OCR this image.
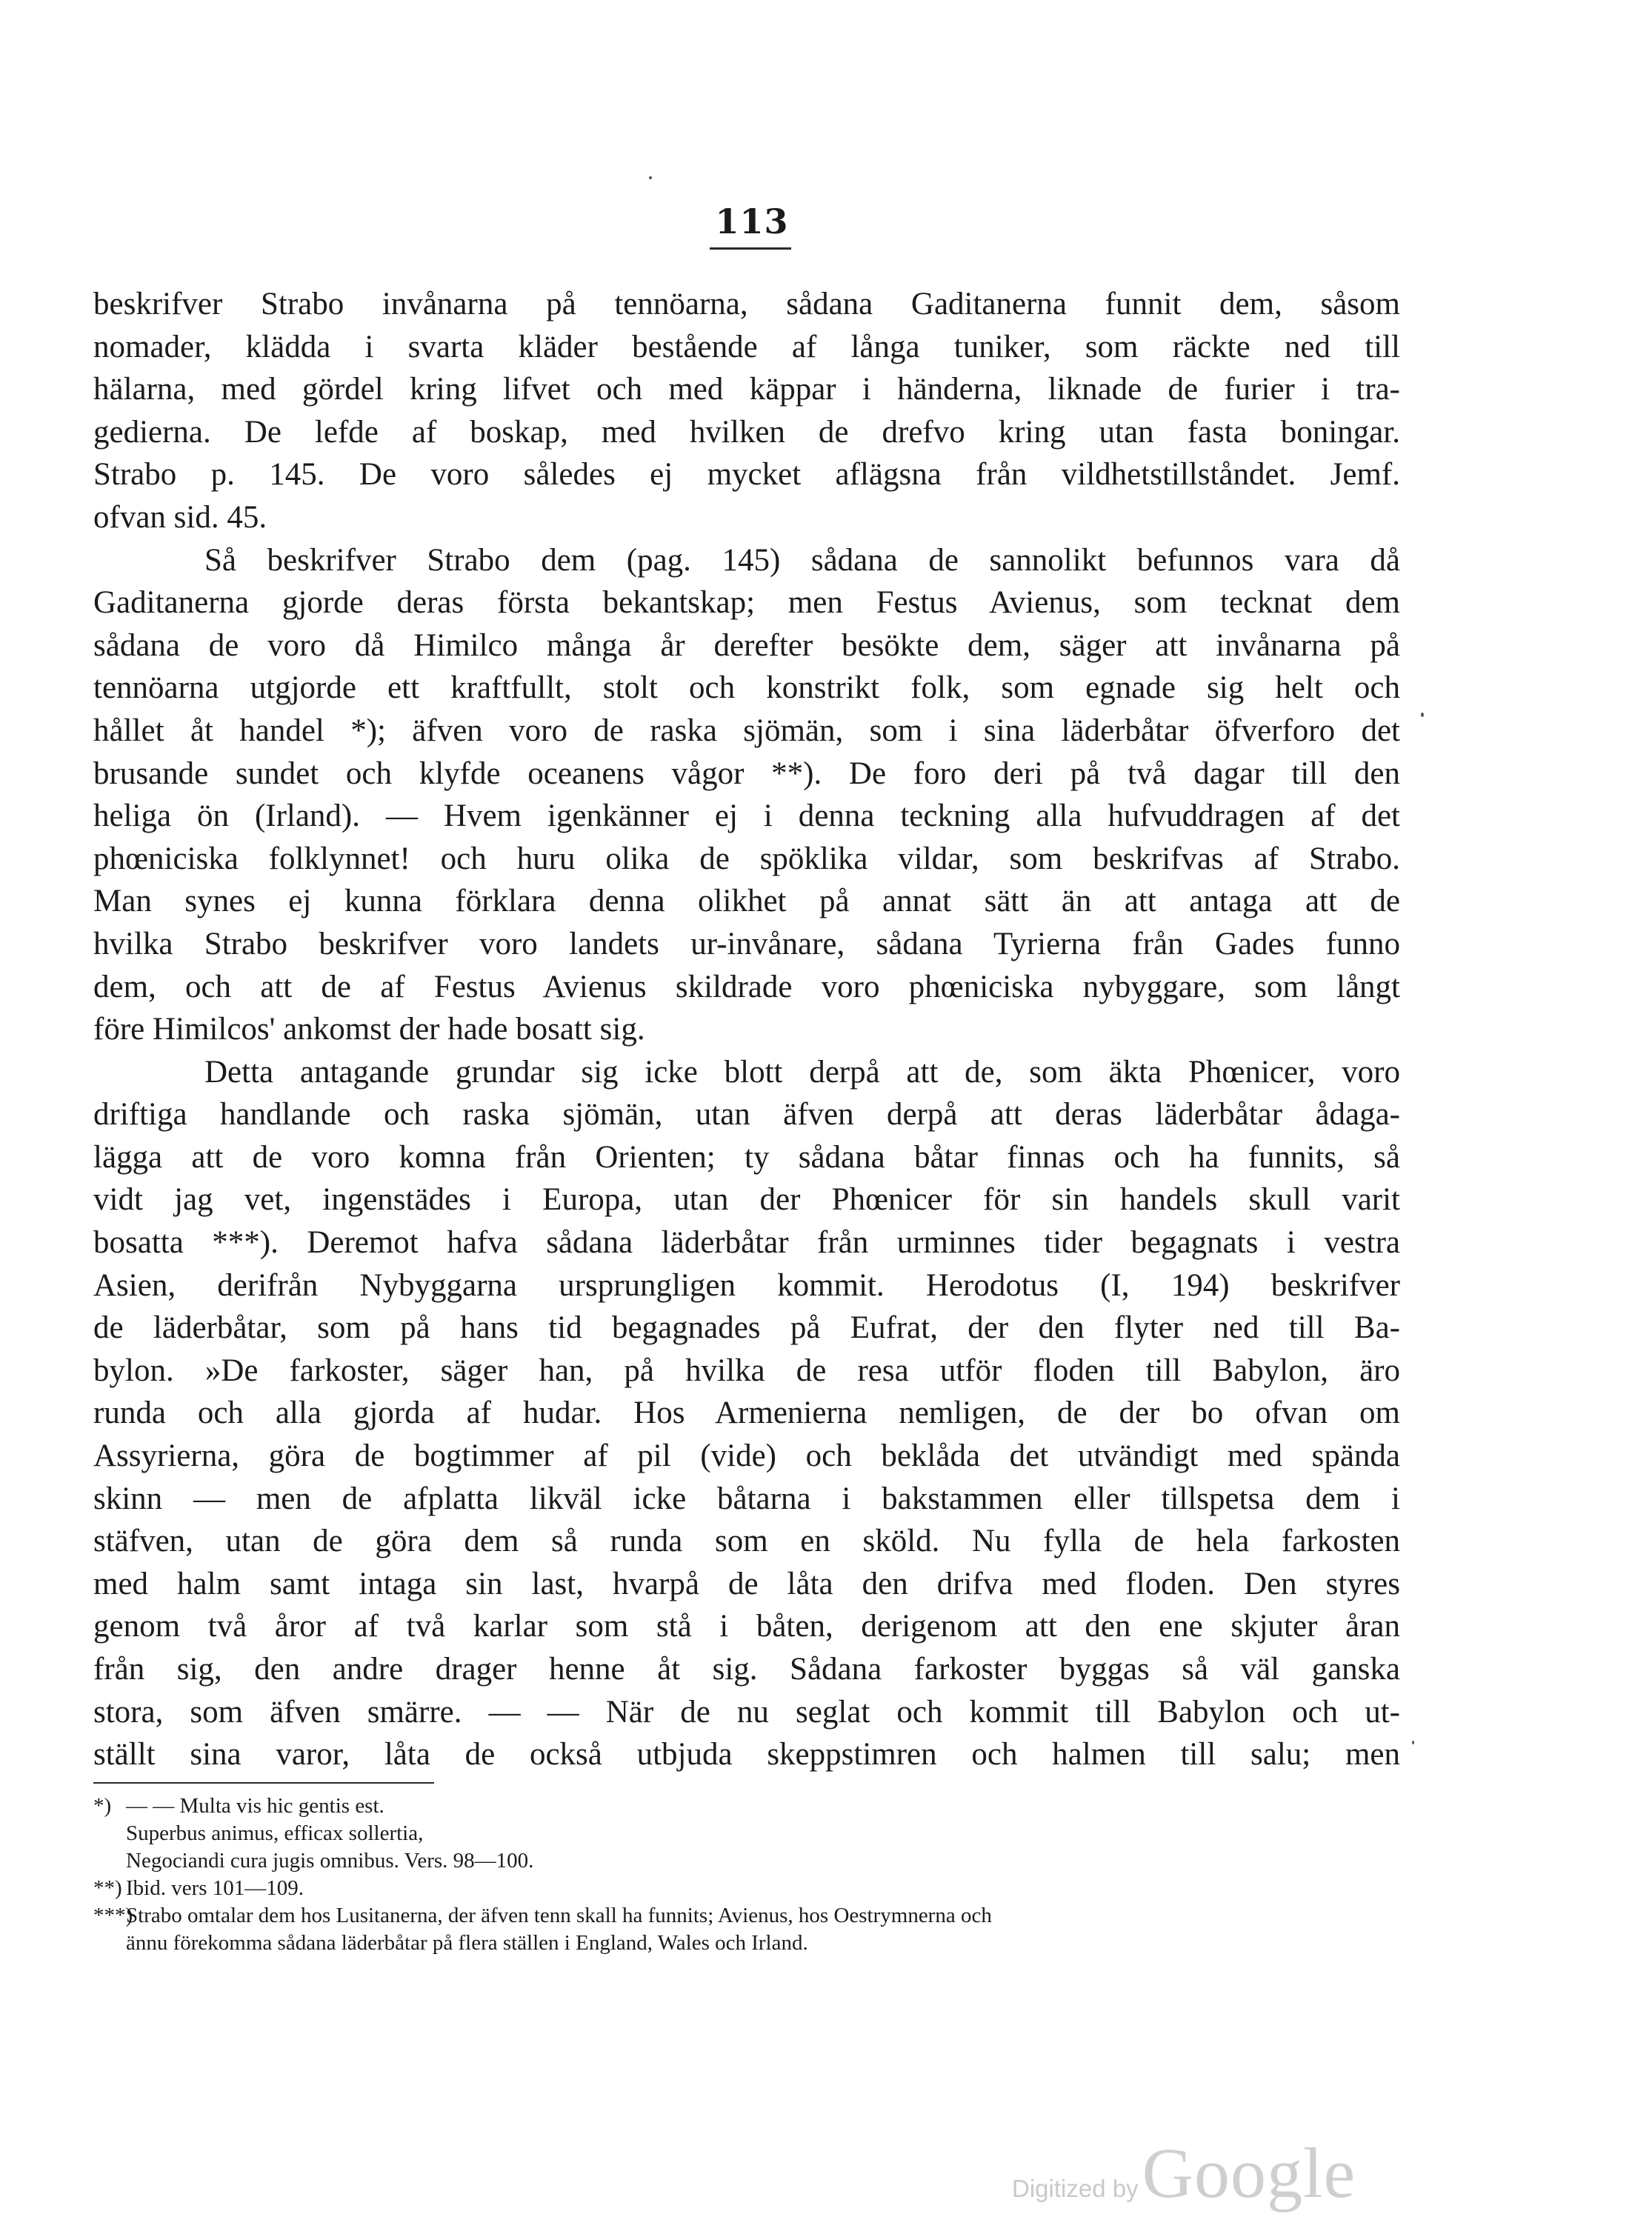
113
beskrifver Strabo invånarna på tennöarna, sådana Gaditanerna funnit dem, såsom
nomader, klädda i svarta kläder bestående af långa tuniker, som räckte ned till
hälarna, med gördel kring lifvet och med käppar i händerna, liknade de furier i tra-
gedierna. De lefde af boskap, med hvilken de drefvo kring utan fasta boningar.
Strabo p. 145. De voro således ej mycket aflägsna från vildhetstillståndet. Jemf.
ofvan sid. 45.
Så beskrifver Strabo dem (pag. 145) sådana de sannolikt befunnos vara då
Gaditanerna gjorde deras första bekantskap; men Festus Avienus, som tecknat dem
sådana de voro då Himilco många år derefter besökte dem, säger att invånarna på
tennöarna utgjorde ett kraftfullt, stolt och konstrikt folk, som egnade sig helt och
hållet åt handel *); äfven voro de raska sjömän, som i sina läderbåtar öfverforo det
brusande sundet och klyfde oceanens vågor **). De foro deri på två dagar till den
heliga ön (Irland). — Hvem igenkänner ej i denna teckning alla hufvuddragen af det
phœniciska folklynnet! och huru olika de spöklika vildar, som beskrifvas af Strabo.
Man synes ej kunna förklara denna olikhet på annat sätt än att antaga att de
hvilka Strabo beskrifver voro landets ur-invånare, sådana Tyrierna från Gades funno
dem, och att de af Festus Avienus skildrade voro phœniciska nybyggare, som långt
före Himilcos' ankomst der hade bosatt sig.
Detta antagande grundar sig icke blott derpå att de, som äkta Phœnicer, voro
driftiga handlande och raska sjömän, utan äfven derpå att deras läderbåtar ådaga-
lägga att de voro komna från Orienten; ty sådana båtar finnas och ha funnits, så
vidt jag vet, ingenstädes i Europa, utan der Phœnicer för sin handels skull varit
bosatta ***). Deremot hafva sådana läderbåtar från urminnes tider begagnats i vestra
Asien, derifrån Nybyggarna ursprungligen kommit. Herodotus (I, 194) beskrifver
de läderbåtar, som på hans tid begagnades på Eufrat, der den flyter ned till Ba-
bylon. »De farkoster, säger han, på hvilka de resa utför floden till Babylon, äro
runda och alla gjorda af hudar. Hos Armenierna nemligen, de der bo ofvan om
Assyrierna, göra de bogtimmer af pil (vide) och beklåda det utvändigt med spända
skinn — men de afplatta likväl icke båtarna i bakstammen eller tillspetsa dem i
stäfven, utan de göra dem så runda som en sköld. Nu fylla de hela farkosten
med halm samt intaga sin last, hvarpå de låta den drifva med floden. Den styres
genom två åror af två karlar som stå i båten, derigenom att den ene skjuter åran
från sig, den andre drager henne åt sig. Sådana farkoster byggas så väl ganska
stora, som äfven smärre. — — När de nu seglat och kommit till Babylon och ut-
ställt sina varor, låta de också utbjuda skeppstimren och halmen till salu; men
*) — — Multa vis hic gentis est.
Superbus animus, efficax sollertia,
Negociandi cura jugis omnibus. Vers. 98—100.
**) Ibid. vers 101—109.
***)Strabo omtalar dem hos Lusitanerna, der äfven tenn skall ha funnits; Avienus, hos Oestrymnerna och
ännu förekomma sådana läderbåtar på flera ställen i England, Wales och Irland.
Digitized by Google
